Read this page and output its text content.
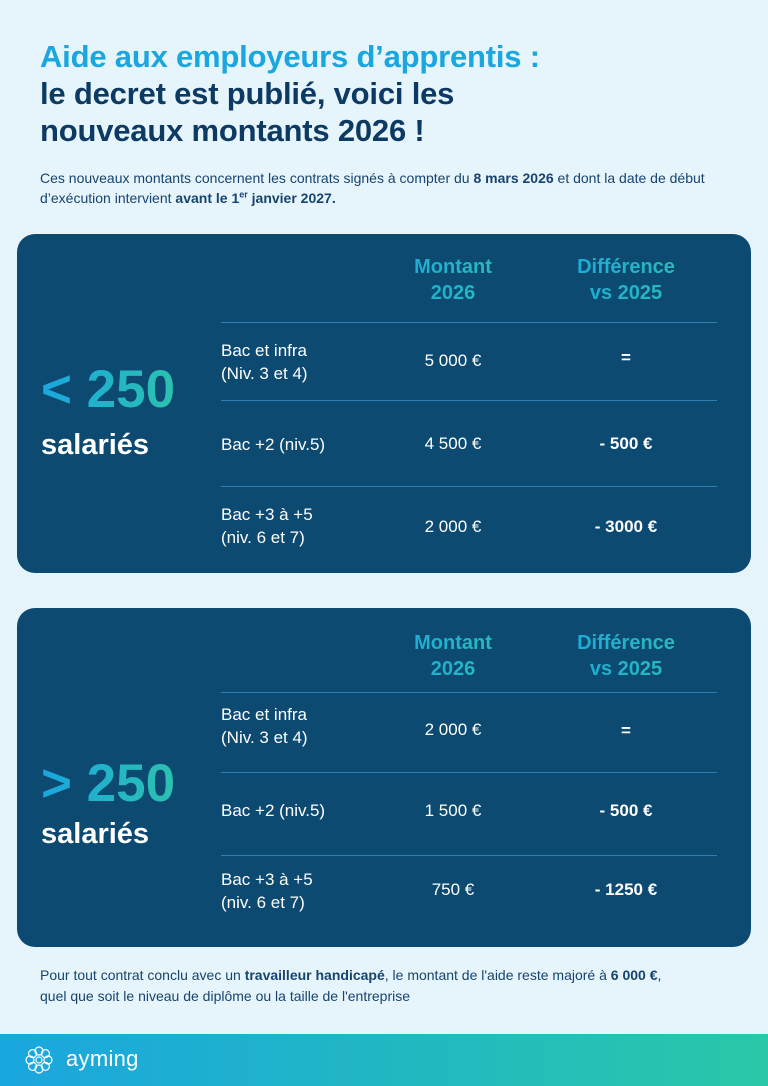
Aide aux employeurs d’apprentis :
le decret est publié, voici les
nouveaux montants 2026 !
Ces nouveaux montants concernent les contrats signés à compter du 8 mars 2026 et dont la date de début d’exécution intervient avant le 1er janvier 2027.
< 250
salariés
Montant
2026
Différence
vs 2025
Bac et infra
(Niv. 3 et 4)
5 000 €	=
Bac +2 (niv.5)	4 500 €	- 500 €
Bac +3 à +5
(niv. 6 et 7)
2 000 €	- 3000 €
> 250
salariés
Montant
2026
Différence
vs 2025
Bac et infra
(Niv. 3 et 4)	2 000 €	=
Bac +2 (niv.5)	1 500 €	- 500 €
Bac +3 à +5
(niv. 6 et 7)
750 €	- 1250 €
Pour tout contrat conclu avec un travailleur handicapé, le montant de l'aide reste majoré à 6 000 €,
quel que soit le niveau de diplôme ou la taille de l'entreprise
ayming
